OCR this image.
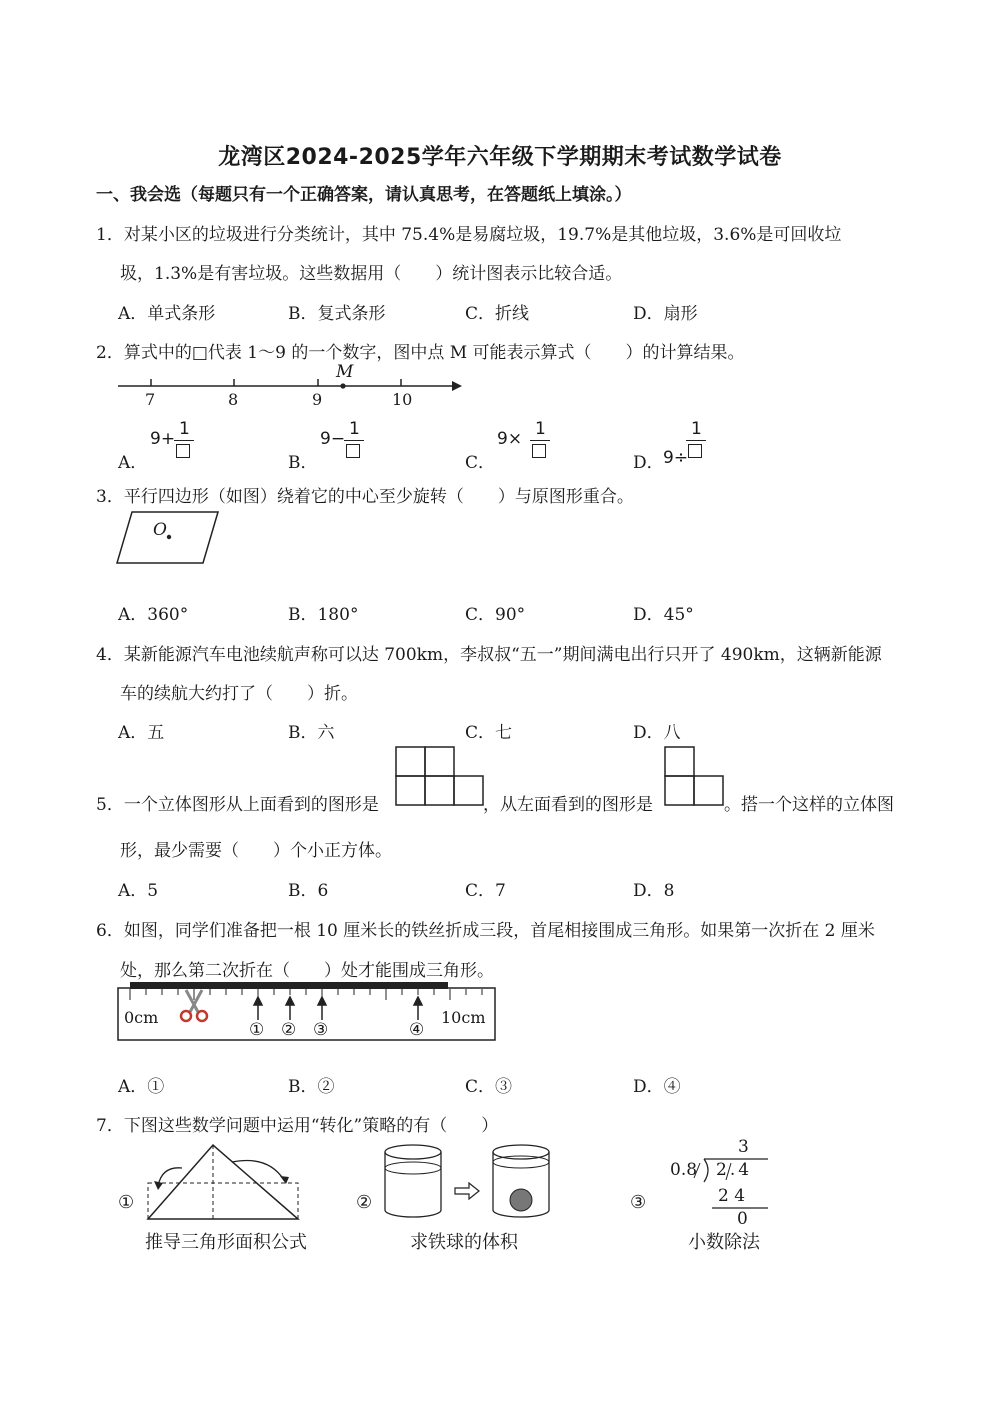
龙湾区2024-2025学年六年级下学期期末考试数学试卷
一、我会选（每题只有一个正确答案，请认真思考，在答题纸上填涂。）
1．对某小区的垃圾进行分类统计，其中 75.4%是易腐垃圾，19.7%是其他垃圾，3.6%是可回收垃
圾，1.3%是有害垃圾。这些数据用（　　）统计图表示比较合适。
A．单式条形	B．复式条形	C．折线	D．扇形
2．算式中的□代表 1～9 的一个数字，图中点 M 可能表示算式（　　）的计算结果。
M
7	8	9	10
A．
9+ 1
B．
9− 1
C．
9× 1
D． 9÷
1
3．平行四边形（如图）绕着它的中心至少旋转（　　）与原图形重合。
O
A．360°	B．180°	C．90°	D．45°
4．某新能源汽车电池续航声称可以达 700km，李叔叔“五一”期间满电出行只开了 490km，这辆新能源
车的续航大约打了（　　）折。
A．五	B．六	C．七	D．八
5．一个立体图形从上面看到的图形是	，从左面看到的图形是	。搭一个这样的立体图
形，最少需要（　　）个小正方体。
A．5	B．6	C．7	D．8
6．如图，同学们准备把一根 10 厘米长的铁丝折成三段，首尾相接围成三角形。如果第一次折在 2 厘米
处，那么第二次折在（　　）处才能围成三角形。
0cm	10cm
① ② ③	④
A．①	B．②	C．③	D．④
7．下图这些数学问题中运用“转化”策略的有（　　）
①
推导三角形面积公式
②
求铁球的体积
③
0.8
3
2.4
2 4
0
小数除法
